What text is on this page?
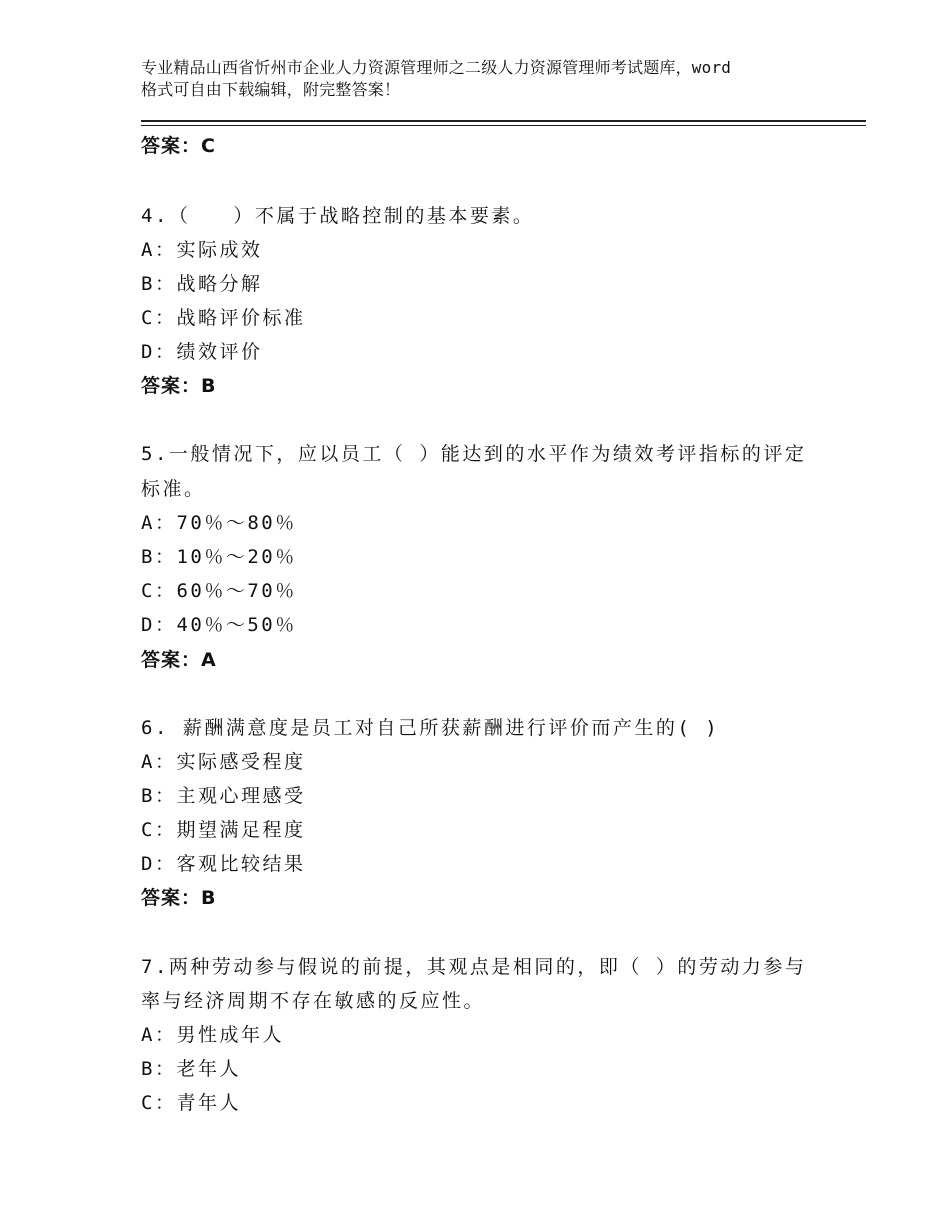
专业精品山西省忻州市企业人力资源管理师之二级人力资源管理师考试题库，word
格式可自由下载编辑，附完整答案！
答案：C
4.（　　）不属于战略控制的基本要素。
A：实际成效
B：战略分解
C：战略评价标准
D：绩效评价
答案：B
5.一般情况下，应以员工（ ）能达到的水平作为绩效考评指标的评定
标准。
A：70％～80％
B：10％～20％
C：60％～70％
D：40％～50％
答案：A
6. 薪酬满意度是员工对自己所获薪酬进行评价而产生的( )
A：实际感受程度
B：主观心理感受
C：期望满足程度
D：客观比较结果
答案：B
7.两种劳动参与假说的前提，其观点是相同的，即（ ）的劳动力参与
率与经济周期不存在敏感的反应性。
A：男性成年人
B：老年人
C：青年人
